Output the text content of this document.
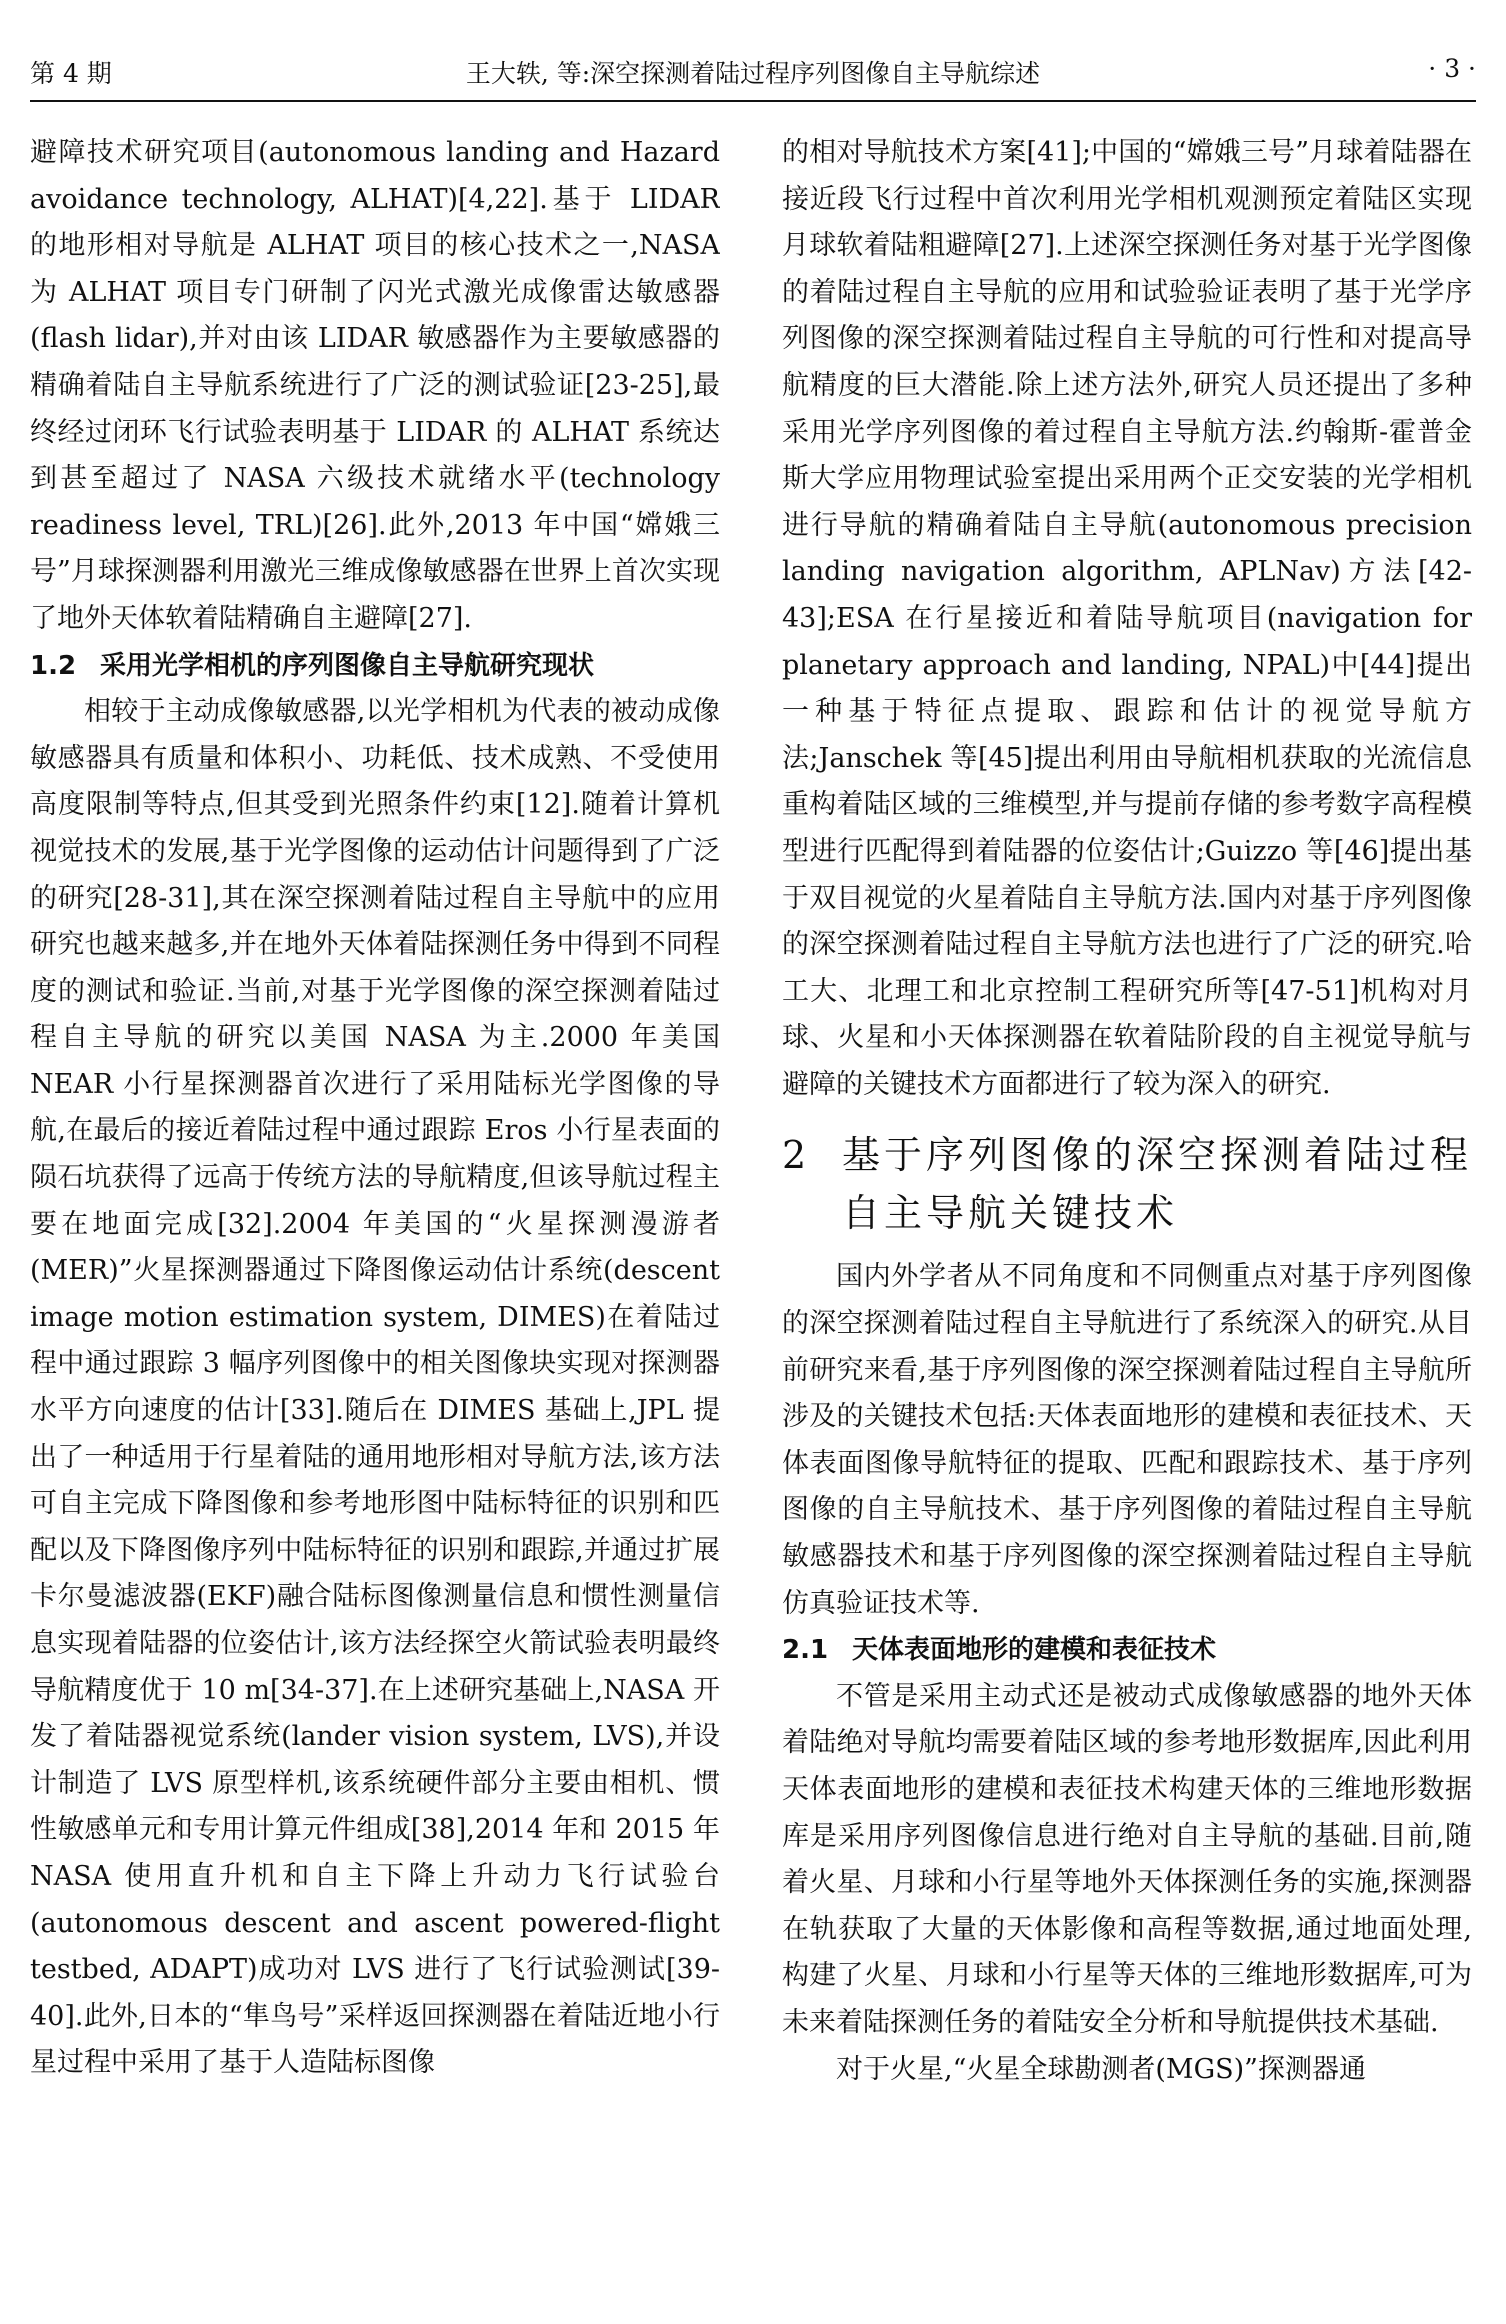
第 4 期	王大轶, 等:深空探测着陆过程序列图像自主导航综述	· 3 ·

避障技术研究项目(autonomous landing and Hazard avoidance technology, ALHAT)[4,22].基于 LIDAR 的地形相对导航是 ALHAT 项目的核心技术之一,NASA 为 ALHAT 项目专门研制了闪光式激光成像雷达敏感器(flash lidar),并对由该 LIDAR 敏感器作为主要敏感器的精确着陆自主导航系统进行了广泛的测试验证[23-25],最终经过闭环飞行试验表明基于 LIDAR 的 ALHAT 系统达到甚至超过了 NASA 六级技术就绪水平(technology readiness level, TRL)[26].此外,2013 年中国“嫦娥三号”月球探测器利用激光三维成像敏感器在世界上首次实现了地外天体软着陆精确自主避障[27].

1.2 采用光学相机的序列图像自主导航研究现状

相较于主动成像敏感器,以光学相机为代表的被动成像敏感器具有质量和体积小、功耗低、技术成熟、不受使用高度限制等特点,但其受到光照条件约束[12].随着计算机视觉技术的发展,基于光学图像的运动估计问题得到了广泛的研究[28-31],其在深空探测着陆过程自主导航中的应用研究也越来越多,并在地外天体着陆探测任务中得到不同程度的测试和验证.当前,对基于光学图像的深空探测着陆过程自主导航的研究以美国 NASA 为主.2000 年美国 NEAR 小行星探测器首次进行了采用陆标光学图像的导航,在最后的接近着陆过程中通过跟踪 Eros 小行星表面的陨石坑获得了远高于传统方法的导航精度,但该导航过程主要在地面完成[32].2004 年美国的“火星探测漫游者(MER)”火星探测器通过下降图像运动估计系统(descent image motion estimation system, DIMES)在着陆过程中通过跟踪 3 幅序列图像中的相关图像块实现对探测器水平方向速度的估计[33].随后在 DIMES 基础上,JPL 提出了一种适用于行星着陆的通用地形相对导航方法,该方法可自主完成下降图像和参考地形图中陆标特征的识别和匹配以及下降图像序列中陆标特征的识别和跟踪,并通过扩展卡尔曼滤波器(EKF)融合陆标图像测量信息和惯性测量信息实现着陆器的位姿估计,该方法经探空火箭试验表明最终导航精度优于 10 m[34-37].在上述研究基础上,NASA 开发了着陆器视觉系统(lander vision system, LVS),并设计制造了 LVS 原型样机,该系统硬件部分主要由相机、惯性敏感单元和专用计算元件组成[38],2014 年和 2015 年 NASA 使用直升机和自主下降上升动力飞行试验台(autonomous descent and ascent powered-flight testbed, ADAPT)成功对 LVS 进行了飞行试验测试[39-40].此外,日本的“隼鸟号”采样返回探测器在着陆近地小行星过程中采用了基于人造陆标图像

的相对导航技术方案[41];中国的“嫦娥三号”月球着陆器在接近段飞行过程中首次利用光学相机观测预定着陆区实现月球软着陆粗避障[27].上述深空探测任务对基于光学图像的着陆过程自主导航的应用和试验验证表明了基于光学序列图像的深空探测着陆过程自主导航的可行性和对提高导航精度的巨大潜能.除上述方法外,研究人员还提出了多种采用光学序列图像的着过程自主导航方法.约翰斯-霍普金斯大学应用物理试验室提出采用两个正交安装的光学相机进行导航的精确着陆自主导航(autonomous precision landing navigation algorithm, APLNav)方法[42-43];ESA 在行星接近和着陆导航项目(navigation for planetary approach and landing, NPAL)中[44]提出一种基于特征点提取、跟踪和估计的视觉导航方法;Janschek 等[45]提出利用由导航相机获取的光流信息重构着陆区域的三维模型,并与提前存储的参考数字高程模型进行匹配得到着陆器的位姿估计;Guizzo 等[46]提出基于双目视觉的火星着陆自主导航方法.国内对基于序列图像的深空探测着陆过程自主导航方法也进行了广泛的研究.哈工大、北理工和北京控制工程研究所等[47-51]机构对月球、火星和小天体探测器在软着陆阶段的自主视觉导航与避障的关键技术方面都进行了较为深入的研究.

2 基于序列图像的深空探测着陆过程
自主导航关键技术

国内外学者从不同角度和不同侧重点对基于序列图像的深空探测着陆过程自主导航进行了系统深入的研究.从目前研究来看,基于序列图像的深空探测着陆过程自主导航所涉及的关键技术包括:天体表面地形的建模和表征技术、天体表面图像导航特征的提取、匹配和跟踪技术、基于序列图像的自主导航技术、基于序列图像的着陆过程自主导航敏感器技术和基于序列图像的深空探测着陆过程自主导航仿真验证技术等.

2.1 天体表面地形的建模和表征技术

不管是采用主动式还是被动式成像敏感器的地外天体着陆绝对导航均需要着陆区域的参考地形数据库,因此利用天体表面地形的建模和表征技术构建天体的三维地形数据库是采用序列图像信息进行绝对自主导航的基础.目前,随着火星、月球和小行星等地外天体探测任务的实施,探测器在轨获取了大量的天体影像和高程等数据,通过地面处理,构建了火星、月球和小行星等天体的三维地形数据库,可为未来着陆探测任务的着陆安全分析和导航提供技术基础.

对于火星,“火星全球勘测者(MGS)”探测器通
